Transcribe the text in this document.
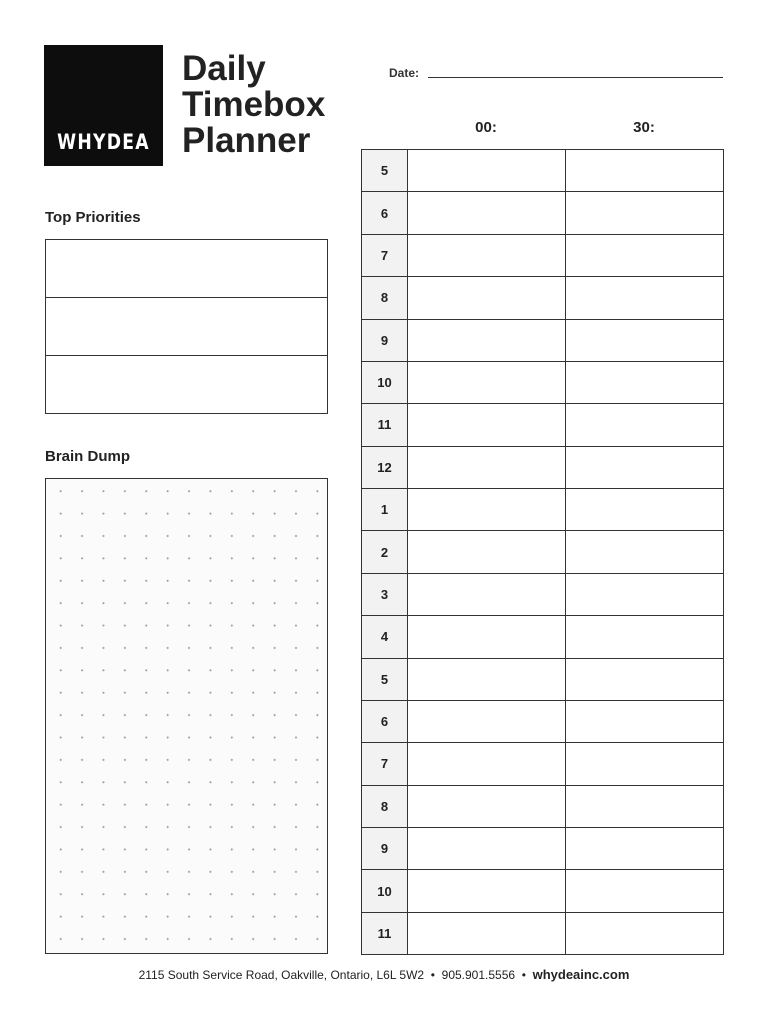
WHYDEA
Daily
Timebox
Planner
Date:
00:	30:
Top Priorities
Brain Dump
5
6
7
8
9
10
11
12
1
2
3
4
5
6
7
8
9
10
11
2115 South Service Road, Oakville, Ontario, L6L 5W2 • 905.901.5556 • whydeainc.com
